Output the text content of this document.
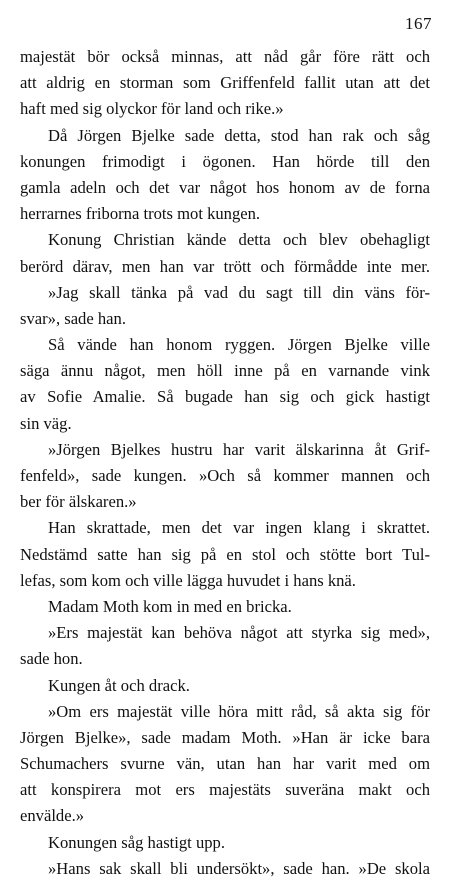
167
majestät bör också minnas, att nåd går före rätt och
att aldrig en storman som Griffenfeld fallit utan att det
haft med sig olyckor för land och rike.»
Då Jörgen Bjelke sade detta, stod han rak och såg
konungen frimodigt i ögonen. Han hörde till den
gamla adeln och det var något hos honom av de forna
herrarnes friborna trots mot kungen.
Konung Christian kände detta och blev obehagligt
berörd därav, men han var trött och förmådde inte mer.
»Jag skall tänka på vad du sagt till din väns för-
svar», sade han.
Så vände han honom ryggen. Jörgen Bjelke ville
säga ännu något, men höll inne på en varnande vink
av Sofie Amalie. Så bugade han sig och gick hastigt
sin väg.
»Jörgen Bjelkes hustru har varit älskarinna åt Grif-
fenfeld», sade kungen. »Och så kommer mannen och
ber för älskaren.»
Han skrattade, men det var ingen klang i skrattet.
Nedstämd satte han sig på en stol och stötte bort Tul-
lefas, som kom och ville lägga huvudet i hans knä.
Madam Moth kom in med en bricka.
»Ers majestät kan behöva något att styrka sig med»,
sade hon.
Kungen åt och drack.
»Om ers majestät ville höra mitt råd, så akta sig för
Jörgen Bjelke», sade madam Moth. »Han är icke bara
Schumachers svurne vän, utan han har varit med om
att konspirera mot ers majestäts suveräna makt och
envälde.»
Konungen såg hastigt upp.
»Hans sak skall bli undersökt», sade han. »De skola
